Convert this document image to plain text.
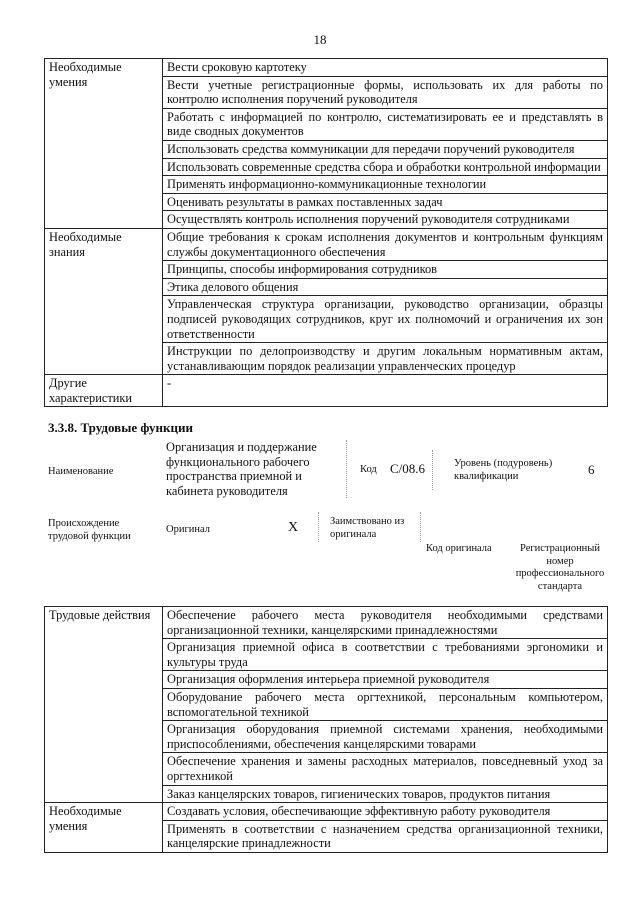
18
Необходимые умения	Вести сроковую картотеку
	Вести учетные регистрационные формы, использовать их для работы по контролю исполнения поручений руководителя
	Работать с информацией по контролю, систематизировать ее и представлять в виде сводных документов
	Использовать средства коммуникации для передачи поручений руководителя
	Использовать современные средства сбора и обработки контрольной информации
	Применять информационно-коммуникационные технологии
	Оценивать результаты в рамках поставленных задач
	Осуществлять контроль исполнения поручений руководителя сотрудниками
Необходимые знания	Общие требования к срокам исполнения документов и контрольным функциям службы документационного обеспечения
	Принципы, способы информирования сотрудников
	Этика делового общения
	Управленческая структура организации, руководство организации, образцы подписей руководящих сотрудников, круг их полномочий и ограничения их зон ответственности
	Инструкции по делопроизводству и другим локальным нормативным актам, устанавливающим порядок реализации управленческих процедур
Другие характеристики	-
3.3.8. Трудовые функции
Наименование
Организация и поддержание функционального рабочего пространства приемной и кабинета руководителя
Код C/08.6	Уровень (подуровень) квалификации	6
Происхождение трудовой функции
Оригинал	X	Заимствовано из оригинала
Код оригинала	Регистрационный номер профессионального стандарта
Трудовые действия	Обеспечение рабочего места руководителя необходимыми средствами организационной техники, канцелярскими принадлежностями
	Организация приемной офиса в соответствии с требованиями эргономики и культуры труда
	Организация оформления интерьера приемной руководителя
	Оборудование рабочего места оргтехникой, персональным компьютером, вспомогательной техникой
	Организация оборудования приемной системами хранения, необходимыми приспособлениями, обеспечения канцелярскими товарами
	Обеспечение хранения и замены расходных материалов, повседневный уход за оргтехникой
	Заказ канцелярских товаров, гигиенических товаров, продуктов питания
Необходимые умения	Создавать условия, обеспечивающие эффективную работу руководителя
	Применять в соответствии с назначением средства организационной техники, канцелярские принадлежности
